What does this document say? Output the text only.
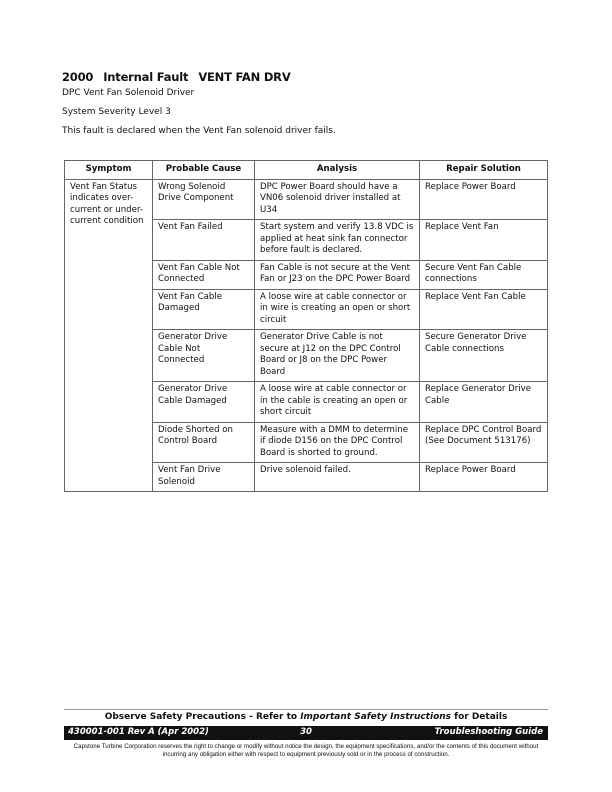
2000 Internal Fault VENT FAN DRV
DPC Vent Fan Solenoid Driver
System Severity Level 3
This fault is declared when the Vent Fan solenoid driver fails.
Symptom	Probable Cause	Analysis	Repair Solution
Vent Fan Status indicates over-current or under-current condition	Wrong Solenoid Drive Component	DPC Power Board should have a VN06 solenoid driver installed at U34	Replace Power Board
	Vent Fan Failed	Start system and verify 13.8 VDC is applied at heat sink fan connector before fault is declared.	Replace Vent Fan
	Vent Fan Cable Not Connected	Fan Cable is not secure at the Vent Fan or J23 on the DPC Power Board	Secure Vent Fan Cable connections
	Vent Fan Cable Damaged	A loose wire at cable connector or in wire is creating an open or short circuit	Replace Vent Fan Cable
	Generator Drive Cable Not Connected	Generator Drive Cable is not secure at J12 on the DPC Control Board or J8 on the DPC Power Board	Secure Generator Drive Cable connections
	Generator Drive Cable Damaged	A loose wire at cable connector or in the cable is creating an open or short circuit	Replace Generator Drive Cable
	Diode Shorted on Control Board	Measure with a DMM to determine if diode D156 on the DPC Control Board is shorted to ground.	Replace DPC Control Board (See Document 513176)
	Vent Fan Drive Solenoid	Drive solenoid failed.	Replace Power Board
Observe Safety Precautions - Refer to Important Safety Instructions for Details
30
430001-001 Rev A (Apr 2002)	Troubleshooting Guide
Capstone Turbine Corporation reserves the right to change or modify without notice the design, the equipment specifications, and/or the contents of this document without incurring any obligation either with respect to equipment previously sold or in the process of construction.
